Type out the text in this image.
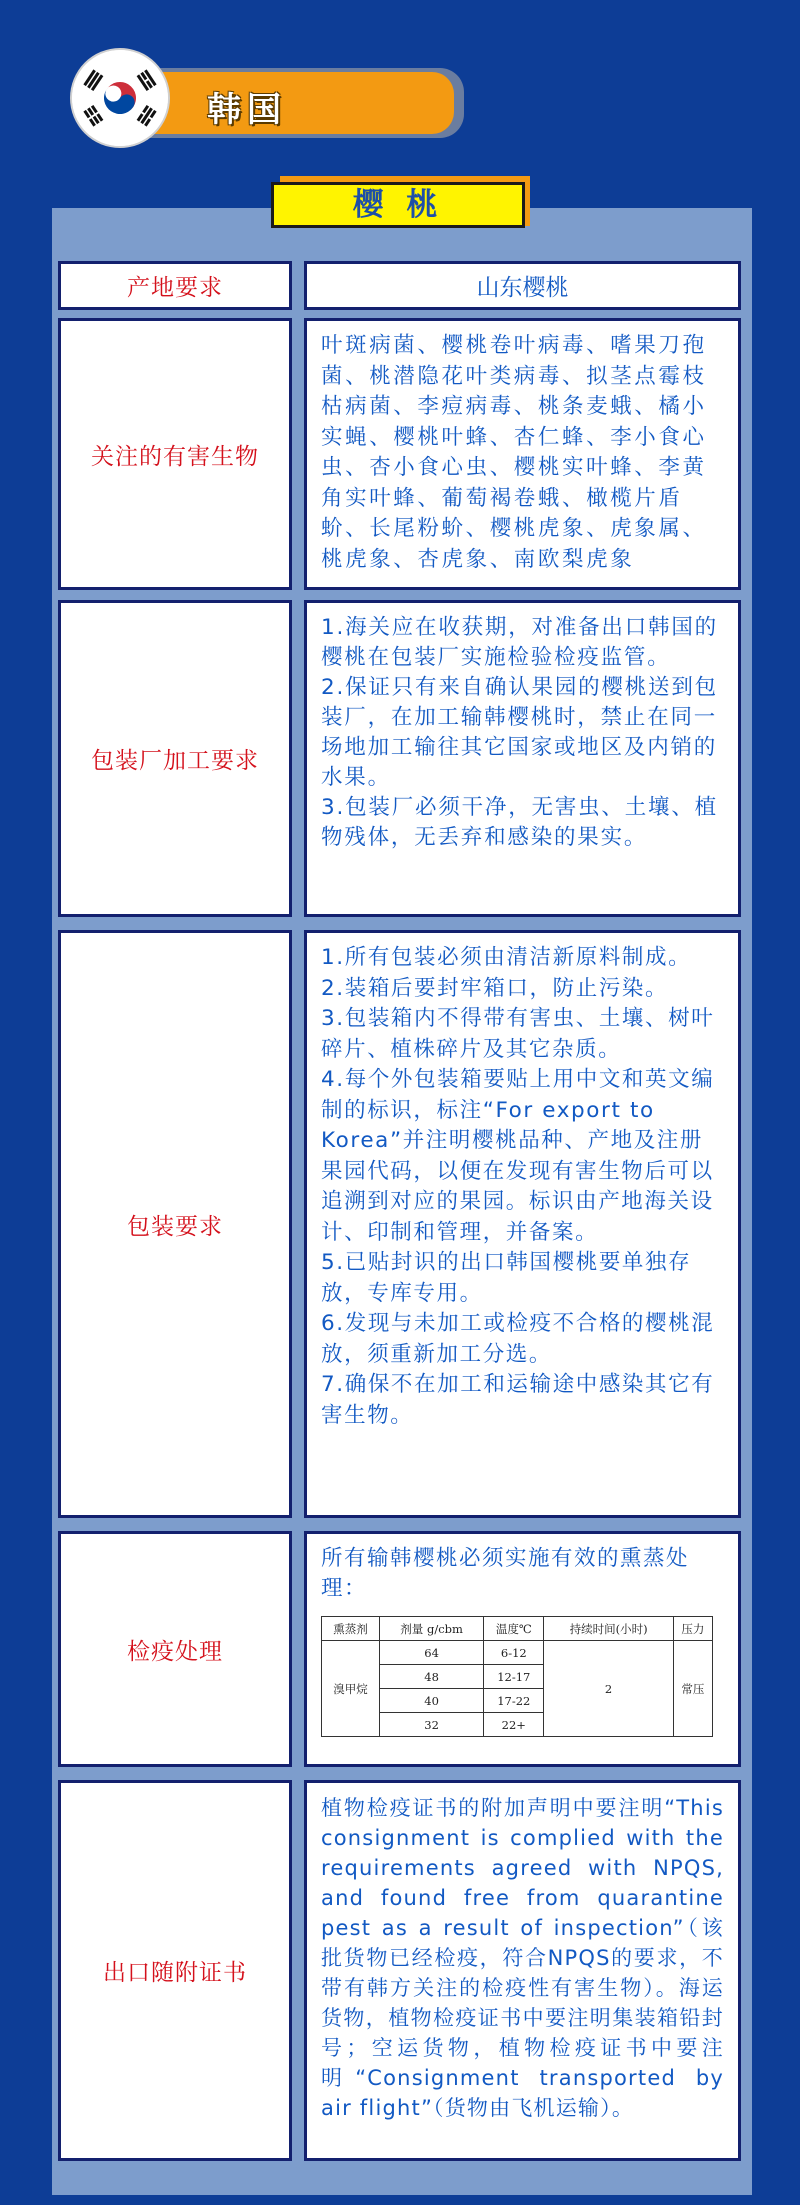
韩国
樱 桃
产地要求	山东樱桃
关注的有害生物
叶斑病菌、樱桃卷叶病毒、嗜果刀孢菌、桃潜隐花叶类病毒、拟茎点霉枝枯病菌、李痘病毒、桃条麦蛾、橘小实蝇、樱桃叶蜂、杏仁蜂、李小食心虫、杏小食心虫、樱桃实叶蜂、李黄角实叶蜂、葡萄褐卷蛾、橄榄片盾蚧、长尾粉蚧、樱桃虎象、虎象属、桃虎象、杏虎象、南欧梨虎象
包装厂加工要求

1.海关应在收获期，对准备出口韩国的樱桃在包装厂实施检验检疫监管。

2.保证只有来自确认果园的樱桃送到包装厂，在加工输韩樱桃时，禁止在同一场地加工输往其它国家或地区及内销的水果。

3.包装厂必须干净，无害虫、土壤、植物残体，无丢弃和感染的果实。

包装要求

1.所有包装必须由清洁新原料制成。

2.装箱后要封牢箱口，防止污染。

3.包装箱内不得带有害虫、土壤、树叶碎片、植株碎片及其它杂质。

4.每个外包装箱要贴上用中文和英文编制的标识，标注“For export to Korea”并注明樱桃品种、产地及注册果园代码，以便在发现有害生物后可以追溯到对应的果园。标识由产地海关设计、印制和管理，并备案。

5.已贴封识的出口韩国樱桃要单独存放，专库专用。

6.发现与未加工或检疫不合格的樱桃混放，须重新加工分选。

7.确保不在加工和运输途中感染其它有害生物。

检疫处理
所有输韩樱桃必须实施有效的熏蒸处理：
熏蒸剂	剂量 g/cbm	温度℃	持续时间(小时)	压力
溴甲烷	64	6-12	2	常压
	48	12-17		
	40	17-22		
	32	22+		
出口随附证书
植物检疫证书的附加声明中要注明“This consignment is complied with the requirements agreed with NPQS, and found free from quarantine pest as a result of inspection”（该批货物已经检疫，符合NPQS的要求，不带有韩方关注的检疫性有害生物）。海运货物，植物检疫证书中要注明集装箱铅封号；空运货物，植物检疫证书中要注明“Consignment transported by air flight”（货物由飞机运输）。
